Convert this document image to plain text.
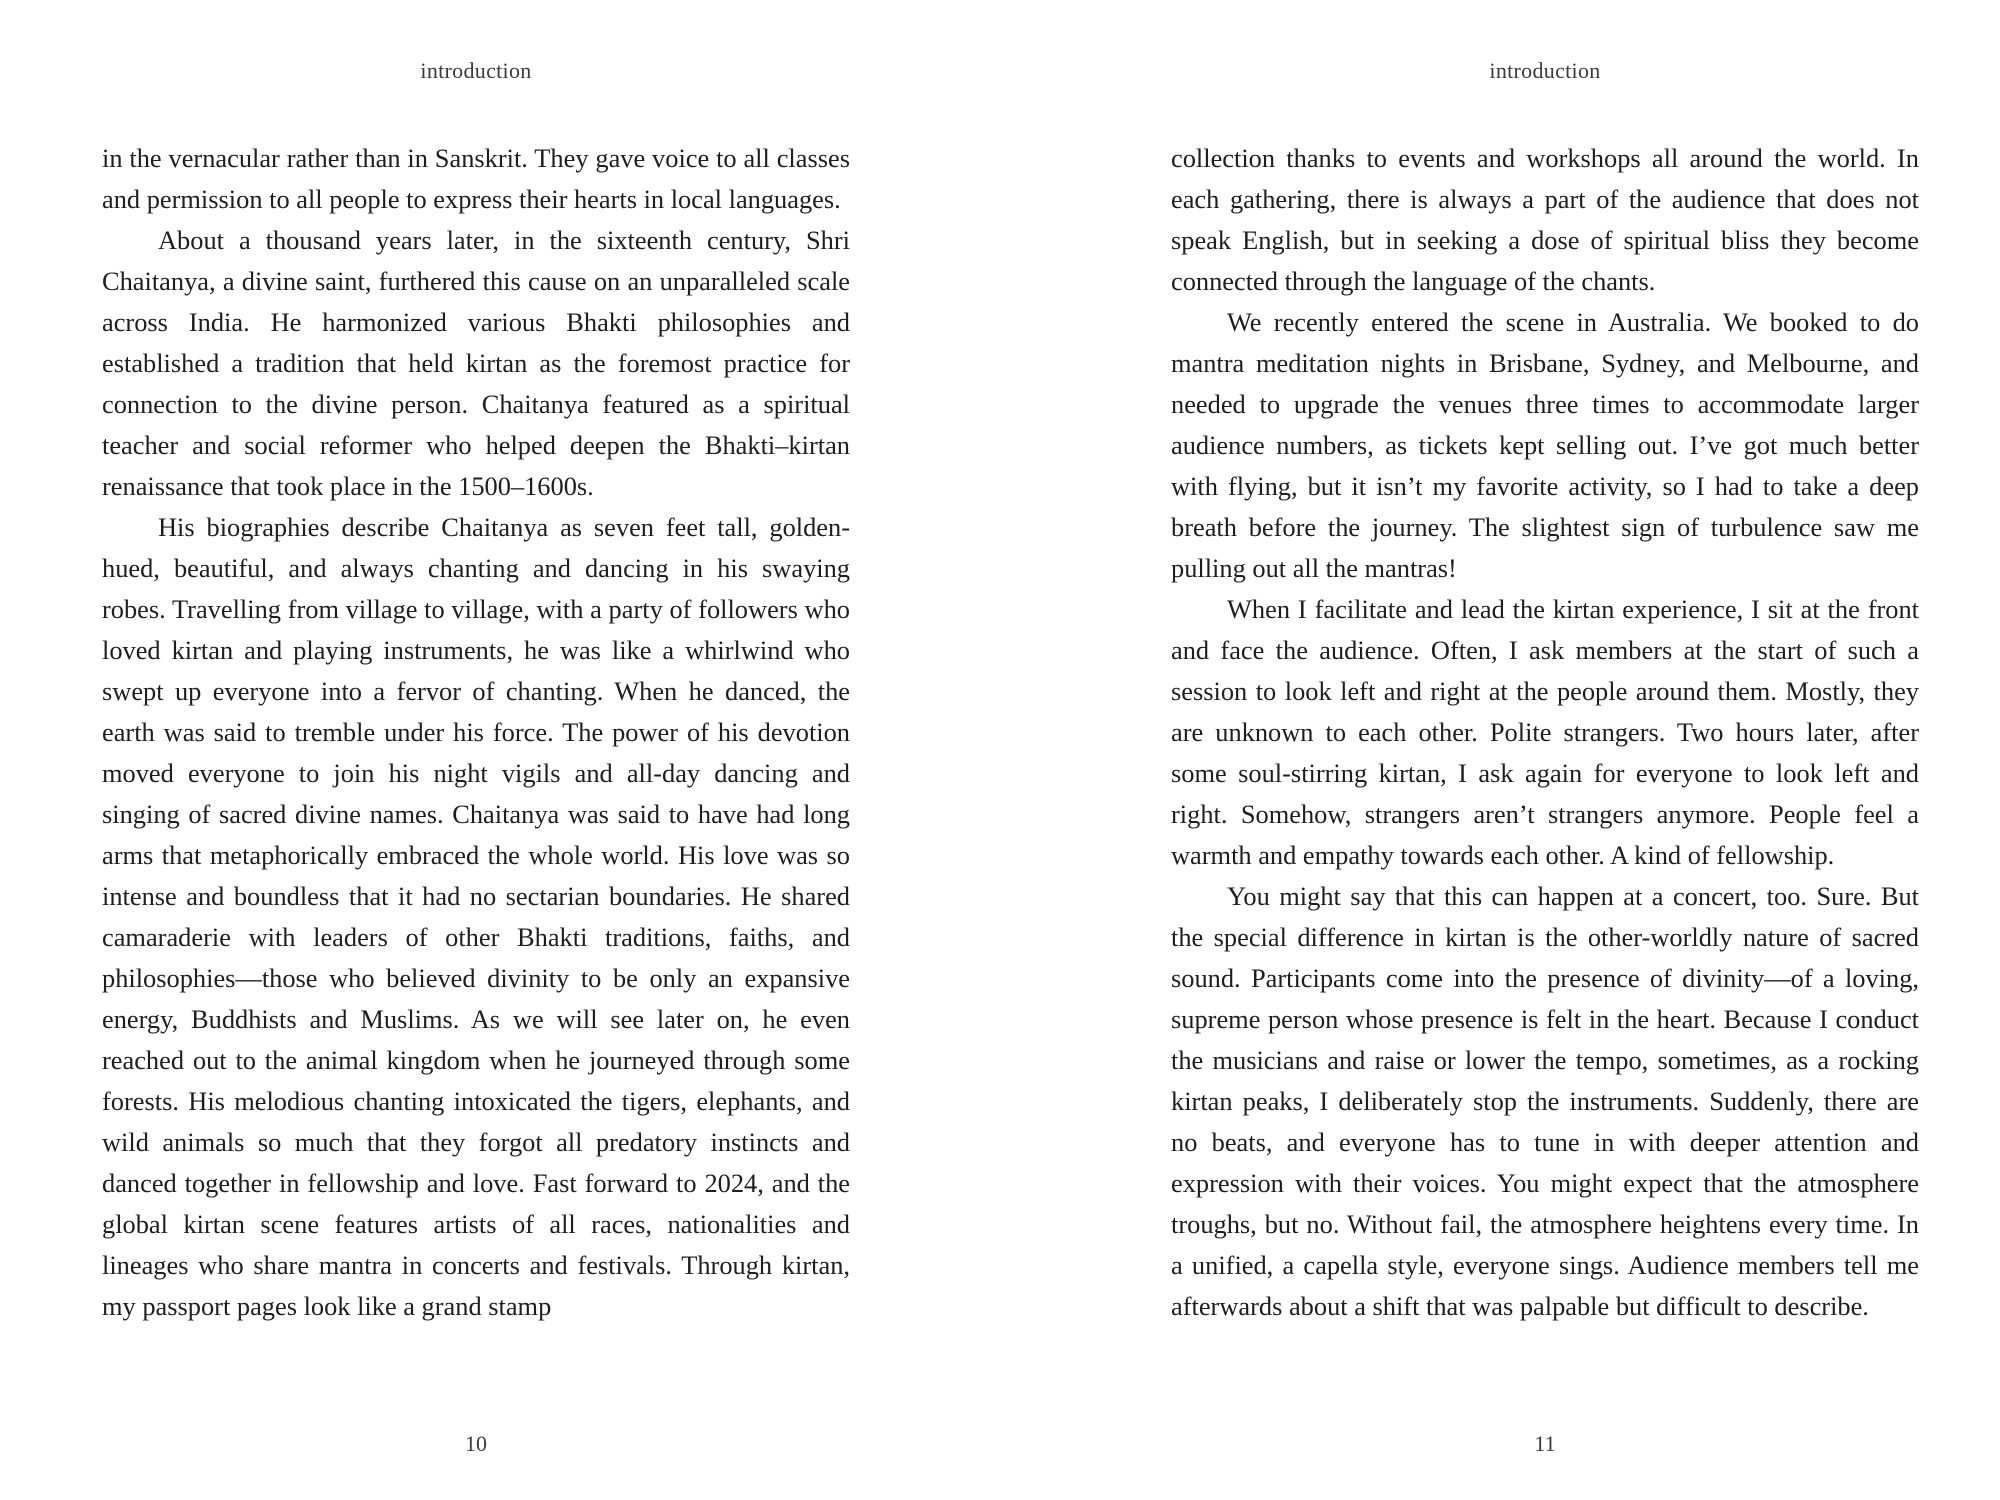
introduction

in the vernacular rather than in Sanskrit. They gave voice to all classes and permission to all people to express their hearts in local languages.

About a thousand years later, in the sixteenth century, Shri Chaitanya, a divine saint, furthered this cause on an unparalleled scale across India. He harmonized various Bhakti philosophies and established a tradition that held kirtan as the foremost practice for connection to the divine person. Chaitanya featured as a spiritual teacher and social reformer who helped deepen the Bhakti–kirtan renaissance that took place in the 1500–1600s.

His biographies describe Chaitanya as seven feet tall, golden-hued, beautiful, and always chanting and dancing in his swaying robes. Travelling from village to village, with a party of followers who loved kirtan and playing instruments, he was like a whirlwind who swept up everyone into a fervor of chanting. When he danced, the earth was said to tremble under his force. The power of his devotion moved everyone to join his night vigils and all-day dancing and singing of sacred divine names. Chaitanya was said to have had long arms that metaphorically embraced the whole world. His love was so intense and boundless that it had no sectarian boundaries. He shared camaraderie with leaders of other Bhakti traditions, faiths, and philosophies—those who believed divinity to be only an expansive energy, Buddhists and Muslims. As we will see later on, he even reached out to the animal kingdom when he journeyed through some forests. His melodious chanting intoxicated the tigers, elephants, and wild animals so much that they forgot all predatory instincts and danced together in fellowship and love. Fast forward to 2024, and the global kirtan scene features artists of all races, nationalities and lineages who share mantra in concerts and festivals. Through kirtan, my passport pages look like a grand stamp

10
introduction

collection thanks to events and workshops all around the world. In each gathering, there is always a part of the audience that does not speak English, but in seeking a dose of spiritual bliss they become connected through the language of the chants.

We recently entered the scene in Australia. We booked to do mantra meditation nights in Brisbane, Sydney, and Melbourne, and needed to upgrade the venues three times to accommodate larger audience numbers, as tickets kept selling out. I’ve got much better with flying, but it isn’t my favorite activity, so I had to take a deep breath before the journey. The slightest sign of turbulence saw me pulling out all the mantras!

When I facilitate and lead the kirtan experience, I sit at the front and face the audience. Often, I ask members at the start of such a session to look left and right at the people around them. Mostly, they are unknown to each other. Polite strangers. Two hours later, after some soul-stirring kirtan, I ask again for everyone to look left and right. Somehow, strangers aren’t strangers anymore. People feel a warmth and empathy towards each other. A kind of fellowship.

You might say that this can happen at a concert, too. Sure. But the special difference in kirtan is the other-worldly nature of sacred sound. Participants come into the presence of divinity—of a loving, supreme person whose presence is felt in the heart. Because I conduct the musicians and raise or lower the tempo, sometimes, as a rocking kirtan peaks, I deliberately stop the instruments. Suddenly, there are no beats, and everyone has to tune in with deeper attention and expression with their voices. You might expect that the atmosphere troughs, but no. Without fail, the atmosphere heightens every time. In a unified, a capella style, everyone sings. Audience members tell me afterwards about a shift that was palpable but difficult to describe.

11
